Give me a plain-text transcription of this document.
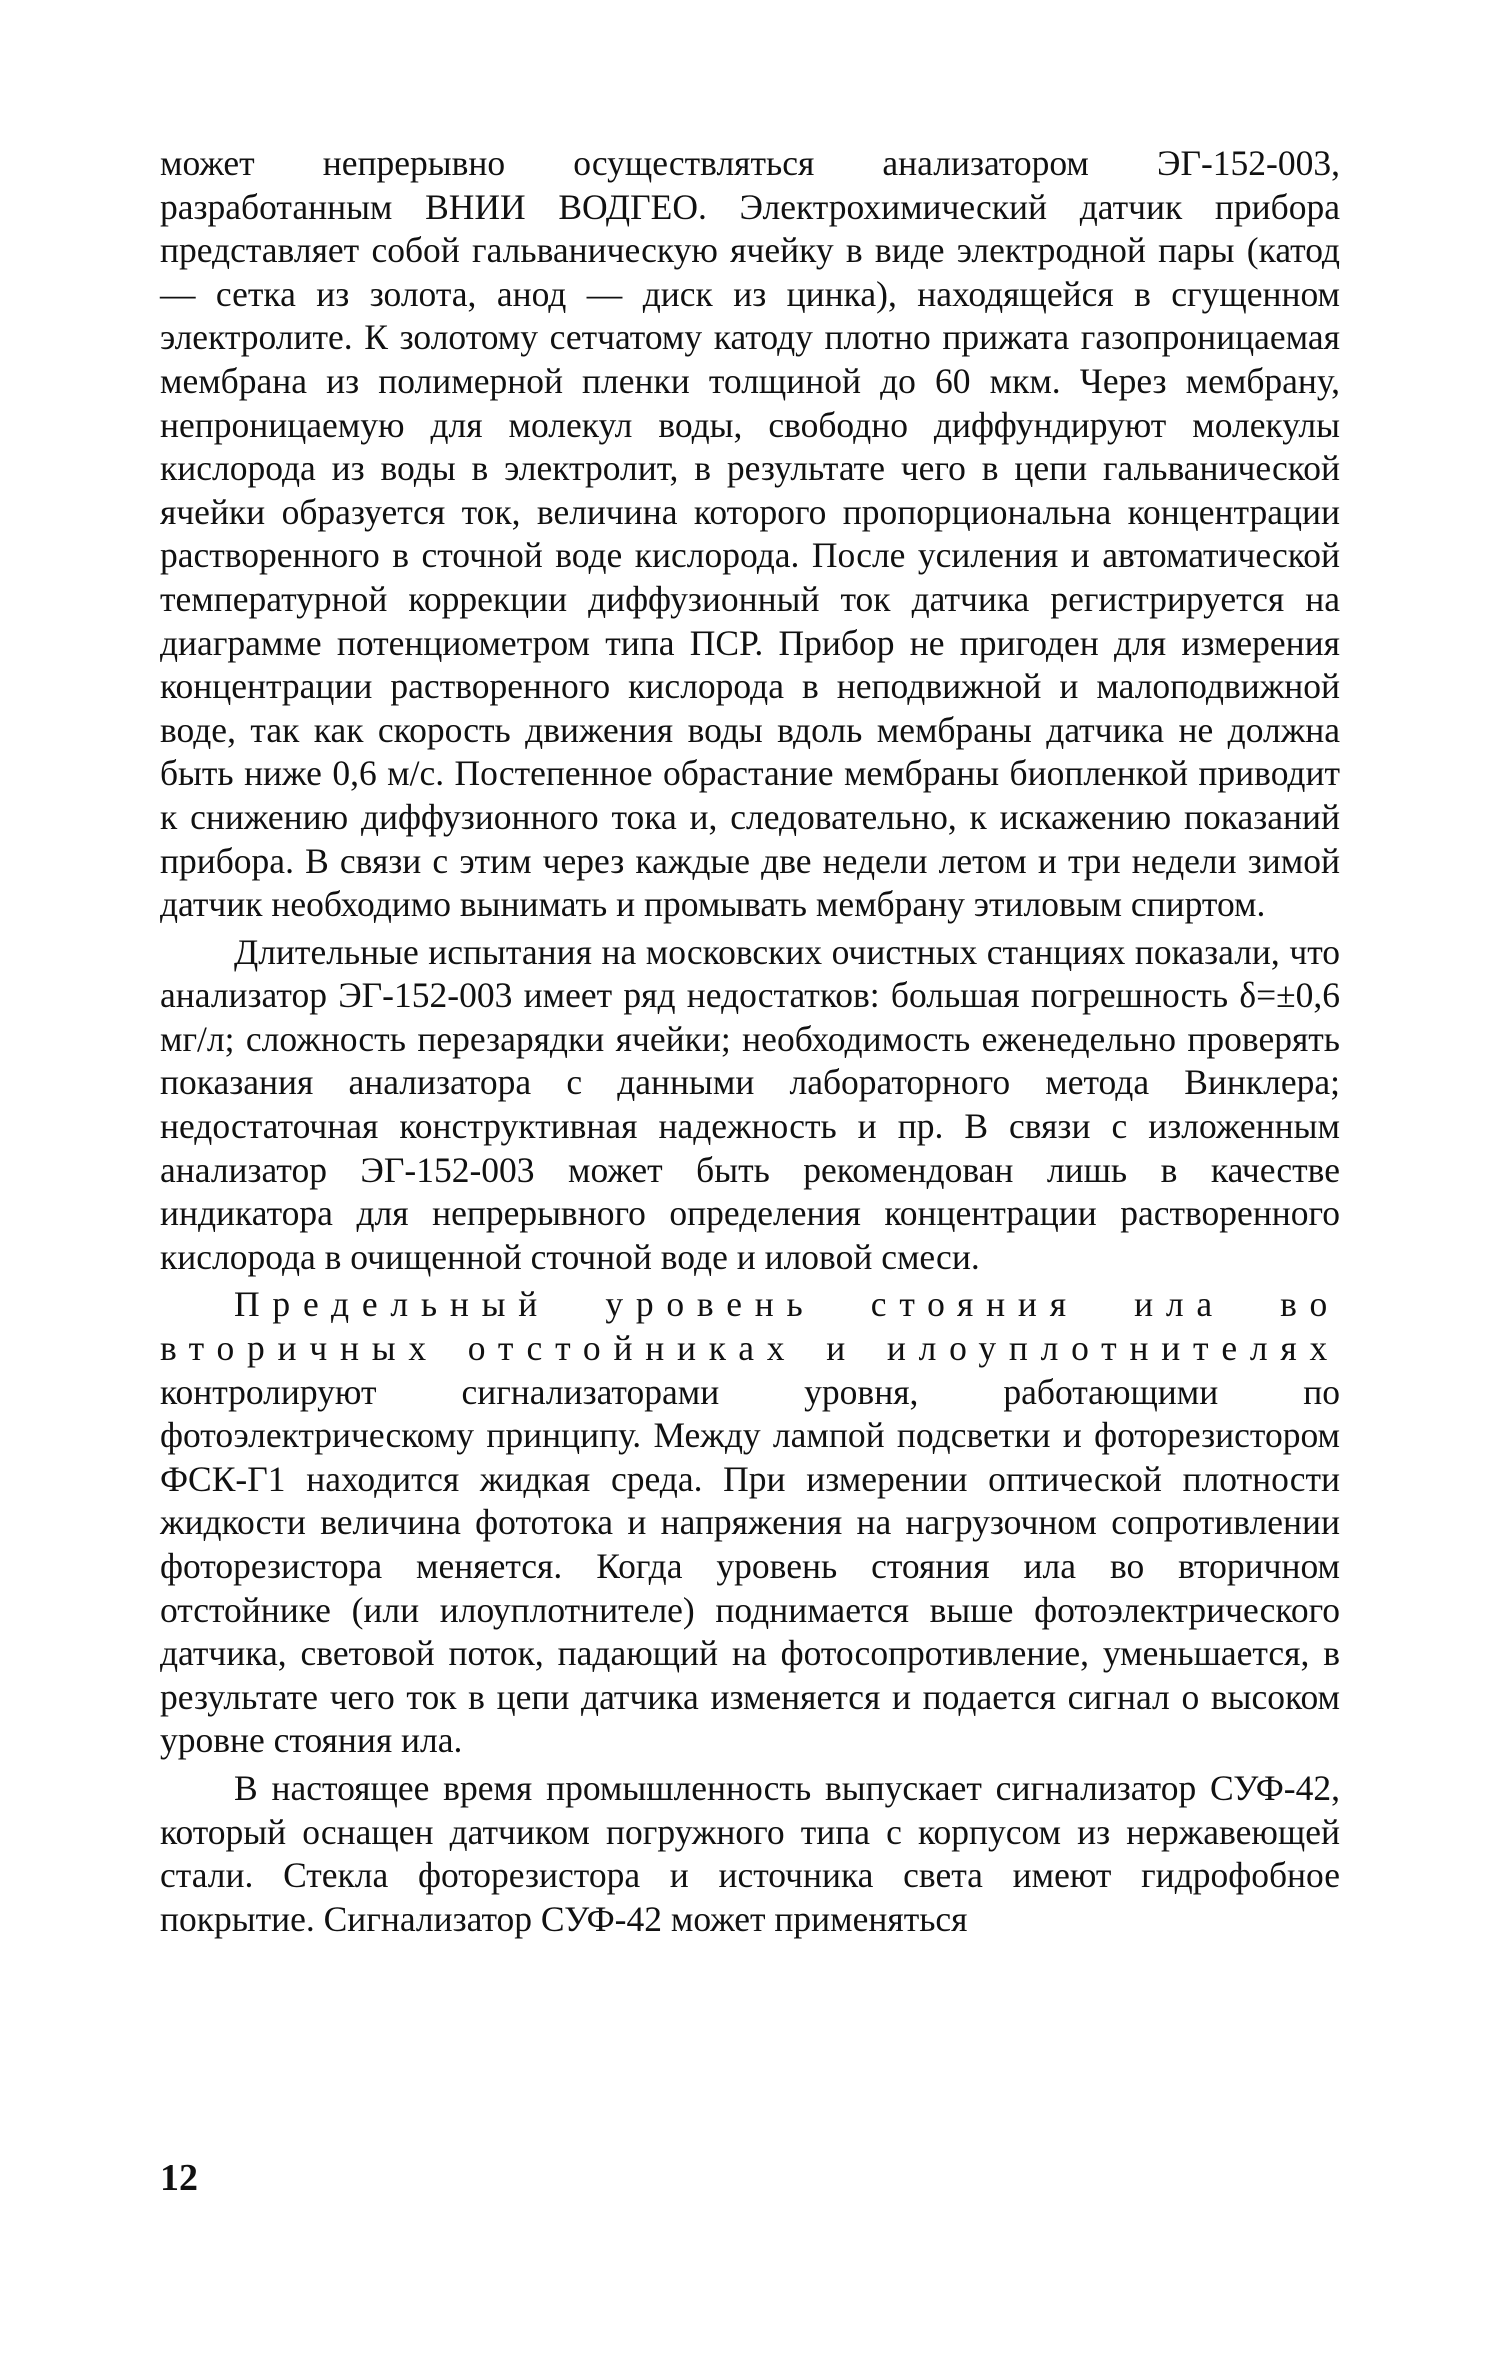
может непрерывно осуществляться анализатором ЭГ-152-003, разработанным ВНИИ ВОДГЕО. Электрохимический датчик прибора представляет собой гальваническую ячейку в виде электродной пары (катод — сетка из золота, анод — диск из цинка), находящейся в сгущенном электролите. К золотому сетчатому катоду плотно прижата газопроницаемая мембрана из полимерной пленки толщиной до 60 мкм. Через мембрану, непроницаемую для молекул воды, свободно диффундируют молекулы кислорода из воды в электролит, в результате чего в цепи гальванической ячейки образуется ток, величина которого пропорциональна концентрации растворенного в сточной воде кислорода. После усиления и автоматической температурной коррекции диффузионный ток датчика регистрируется на диаграмме потенциометром типа ПСР. Прибор не пригоден для измерения концентрации растворенного кислорода в неподвижной и малоподвижной воде, так как скорость движения воды вдоль мембраны датчика не должна быть ниже 0,6 м/с. Постепенное обрастание мембраны биопленкой приводит к снижению диффузионного тока и, следовательно, к искажению показаний прибора. В связи с этим через каждые две недели летом и три недели зимой датчик необходимо вынимать и промывать мембрану этиловым спиртом.

Длительные испытания на московских очистных станциях показали, что анализатор ЭГ-152-003 имеет ряд недостатков: большая погрешность δ=±0,6 мг/л; сложность перезарядки ячейки; необходимость еженедельно проверять показания анализатора с данными лабораторного метода Винклера; недостаточная конструктивная надежность и пр. В связи с изложенным анализатор ЭГ-152-003 может быть рекомендован лишь в качестве индикатора для непрерывного определения концентрации растворенного кислорода в очищенной сточной воде и иловой смеси.

Предельный уровень стояния ила во вторичных отстойниках и илоуплотнителях контролируют сигнализаторами уровня, работающими по фотоэлектрическому принципу. Между лампой подсветки и фоторезистором ФСК-Г1 находится жидкая среда. При измерении оптической плотности жидкости величина фототока и напряжения на нагрузочном сопротивлении фоторезистора меняется. Когда уровень стояния ила во вторичном отстойнике (или илоуплотнителе) поднимается выше фотоэлектрического датчика, световой поток, падающий на фотосопротивление, уменьшается, в результате чего ток в цепи датчика изменяется и подается сигнал о высоком уровне стояния ила.

В настоящее время промышленность выпускает сигнализатор СУФ-42, который оснащен датчиком погружного типа с корпусом из нержавеющей стали. Стекла фоторезистора и источника света имеют гидрофобное покрытие. Сигнализатор СУФ-42 может применяться

12
